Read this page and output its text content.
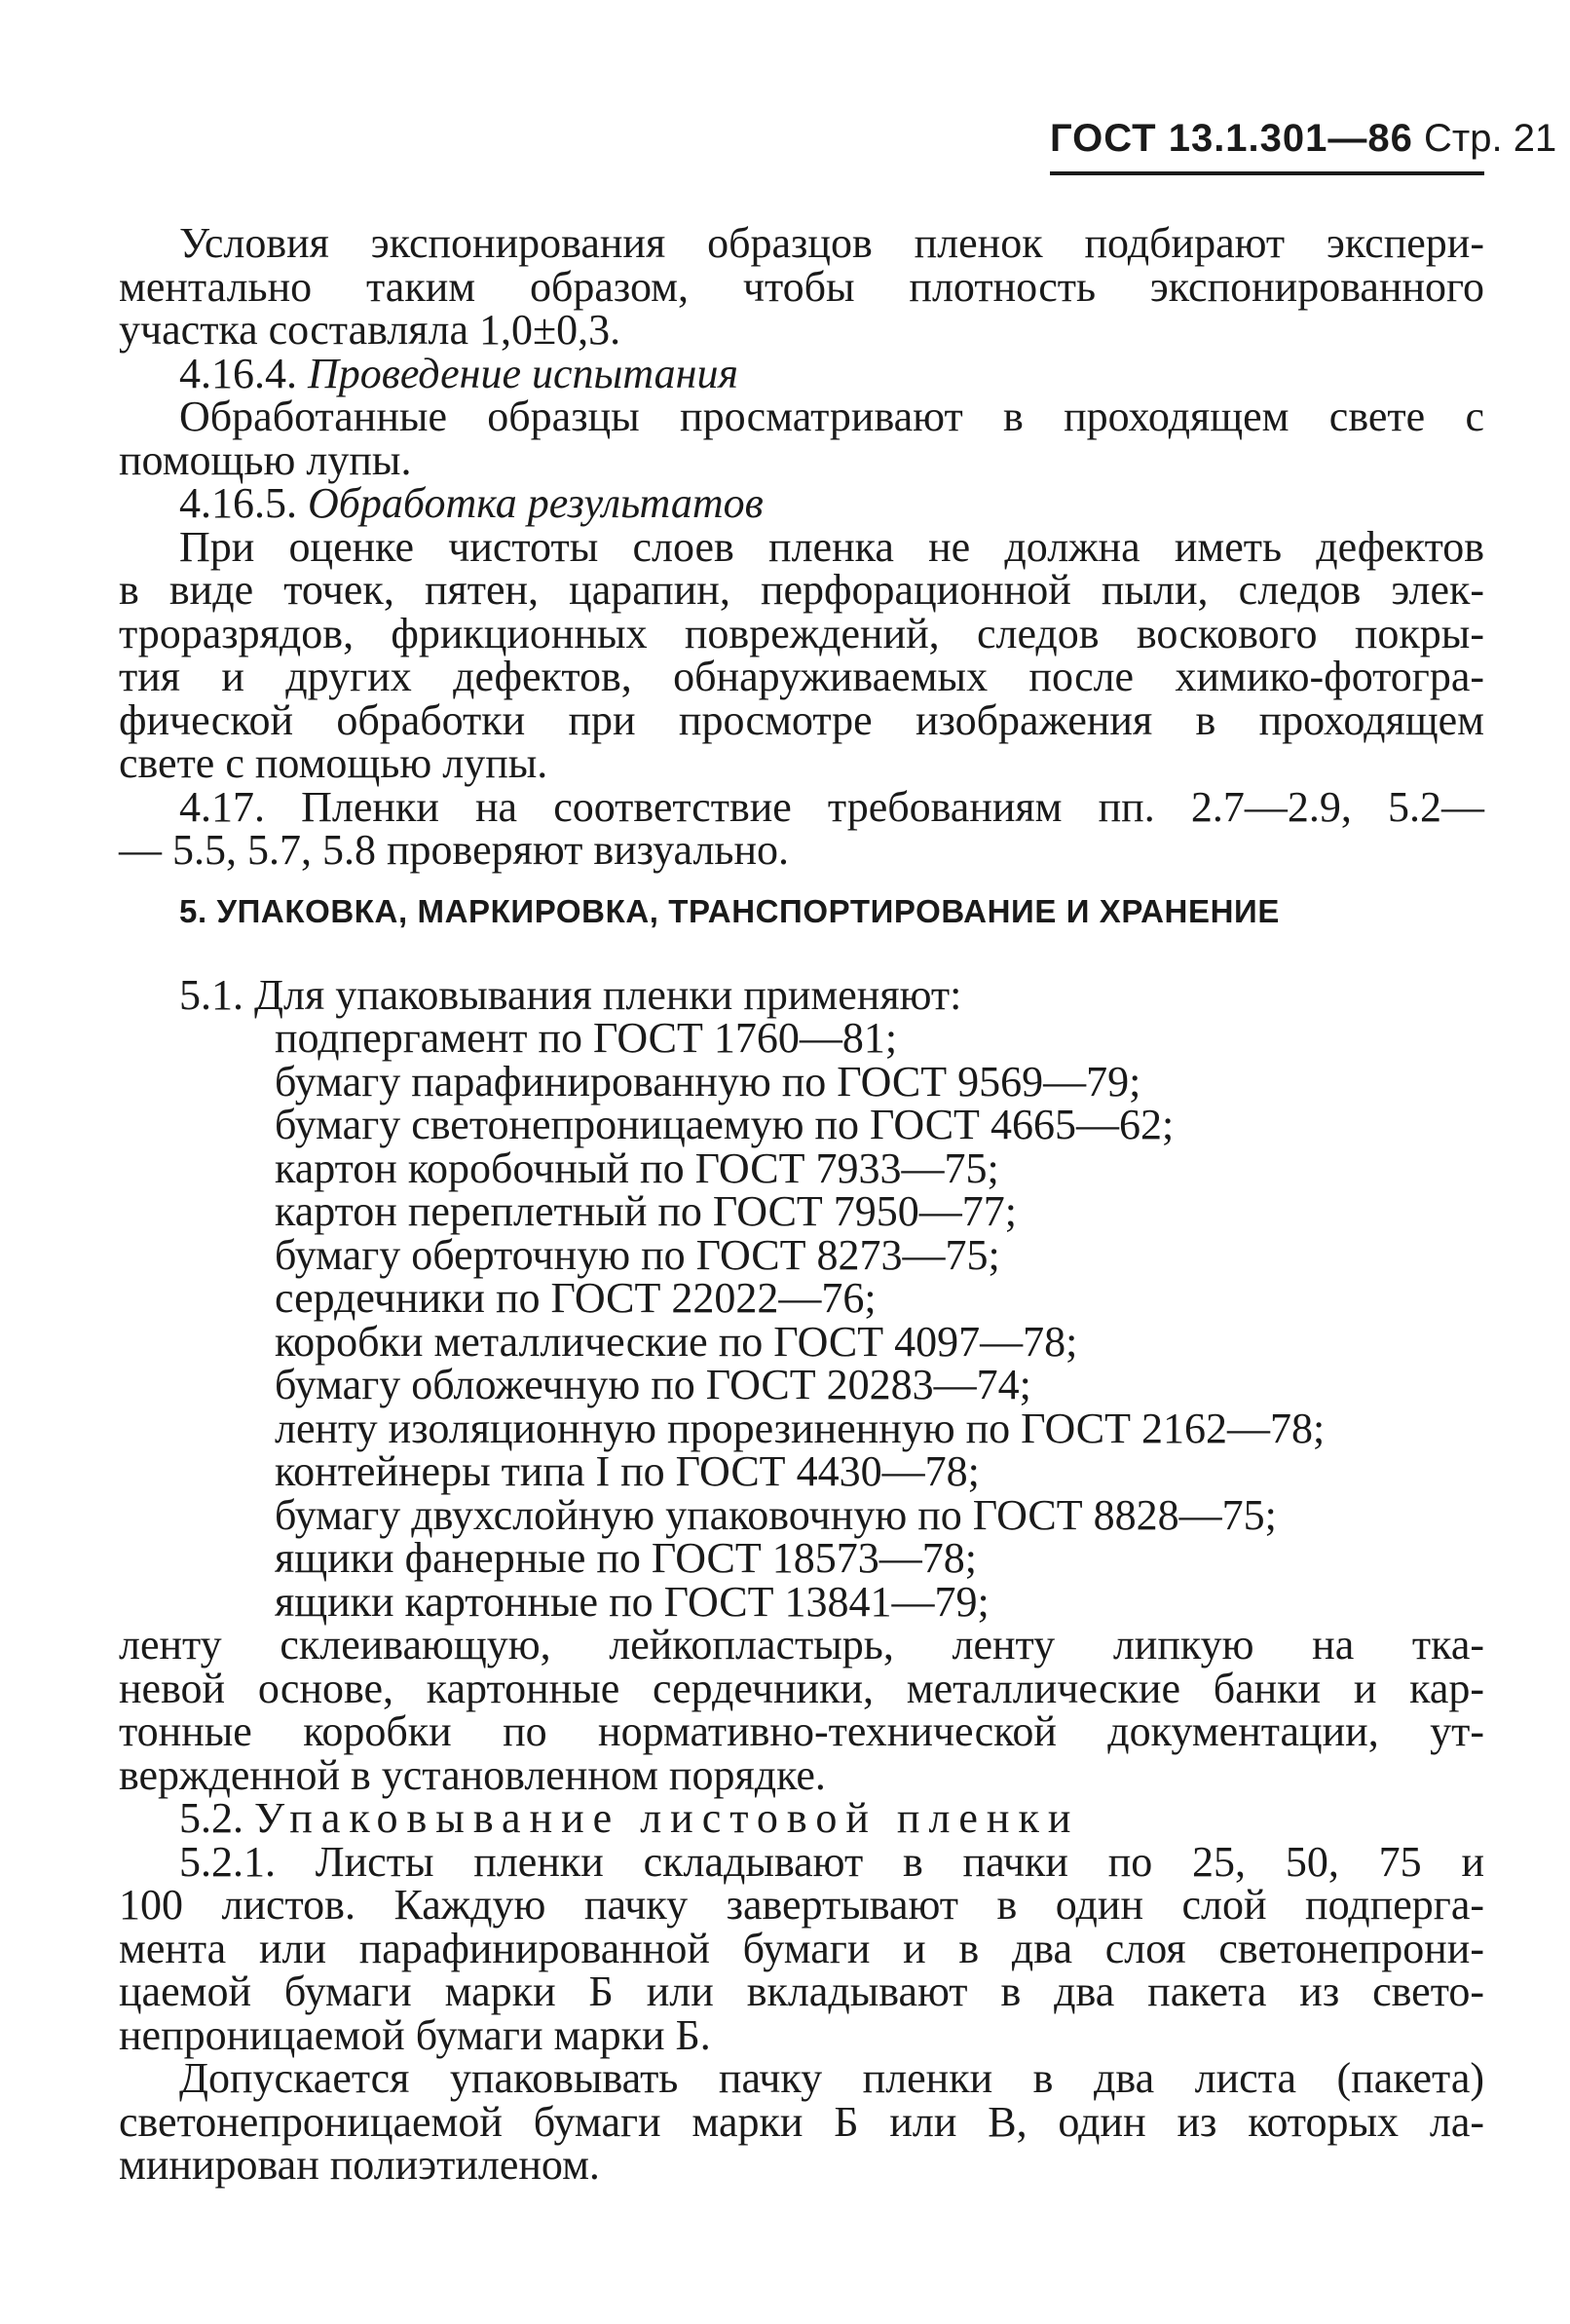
ГОСТ 13.1.301—86 Стр. 21
Условия экспонирования образцов пленок подбирают экспери-
ментально таким образом, чтобы плотность экспонированного
участка составляла 1,0±0,3.
4.16.4. Проведение испытания
Обработанные образцы просматривают в проходящем свете с
помощью лупы.
4.16.5. Обработка результатов
При оценке чистоты слоев пленка не должна иметь дефектов
в виде точек, пятен, царапин, перфорационной пыли, следов элек-
троразрядов, фрикционных повреждений, следов воскового покры-
тия и других дефектов, обнаруживаемых после химико-фотогра-
фической обработки при просмотре изображения в проходящем
свете с помощью лупы.
4.17. Пленки на соответствие требованиям пп. 2.7—2.9, 5.2—
— 5.5, 5.7, 5.8 проверяют визуально.
5. УПАКОВКА, МАРКИРОВКА, ТРАНСПОРТИРОВАНИЕ И ХРАНЕНИЕ
5.1. Для упаковывания пленки применяют:
подпергамент по ГОСТ 1760—81;
бумагу парафинированную по ГОСТ 9569—79;
бумагу светонепроницаемую по ГОСТ 4665—62;
картон коробочный по ГОСТ 7933—75;
картон переплетный по ГОСТ 7950—77;
бумагу оберточную по ГОСТ 8273—75;
сердечники по ГОСТ 22022—76;
коробки металлические по ГОСТ 4097—78;
бумагу обложечную по ГОСТ 20283—74;
ленту изоляционную прорезиненную по ГОСТ 2162—78;
контейнеры типа I по ГОСТ 4430—78;
бумагу двухслойную упаковочную по ГОСТ 8828—75;
ящики фанерные по ГОСТ 18573—78;
ящики картонные по ГОСТ 13841—79;
ленту склеивающую, лейкопластырь, ленту липкую на тка-
невой основе, картонные сердечники, металлические банки и кар-
тонные коробки по нормативно-технической документации, ут-
вержденной в установленном порядке.
5.2. Упаковывание листовой пленки
5.2.1. Листы пленки складывают в пачки по 25, 50, 75 и
100 листов. Каждую пачку завертывают в один слой подперга-
мента или парафинированной бумаги и в два слоя светонепрони-
цаемой бумаги марки Б или вкладывают в два пакета из свето-
непроницаемой бумаги марки Б.
Допускается упаковывать пачку пленки в два листа (пакета)
светонепроницаемой бумаги марки Б или В, один из которых ла-
минирован полиэтиленом.
